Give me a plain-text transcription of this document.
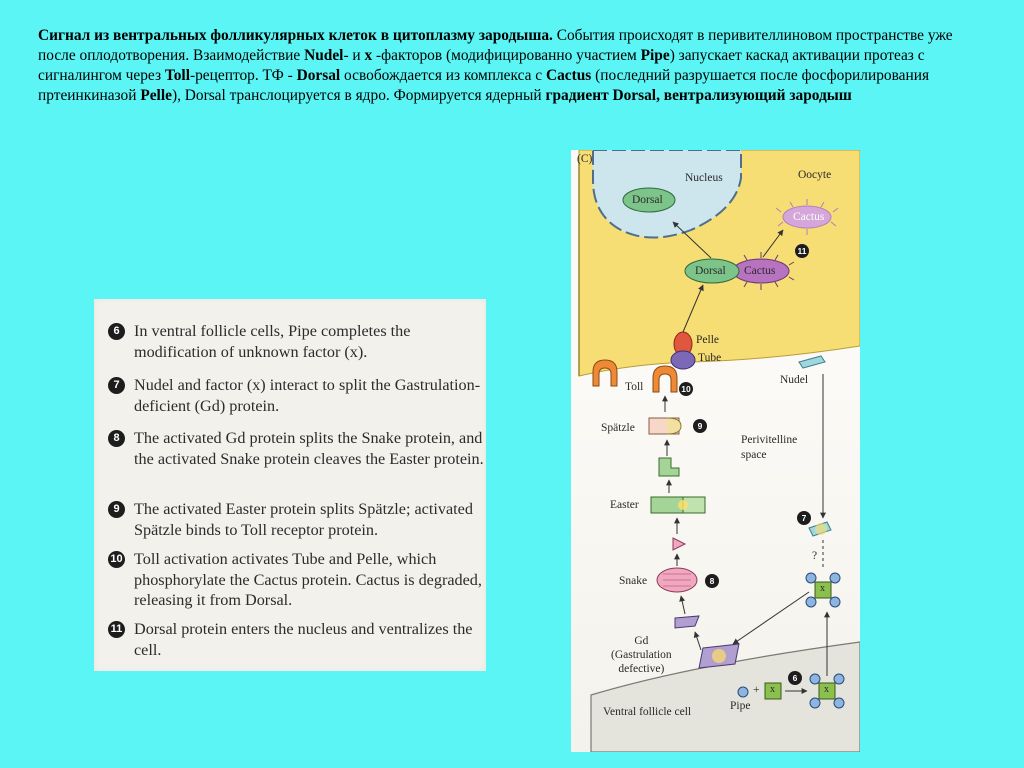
Сигнал из вентральных фолликулярных клеток в цитоплазму зародыша. События происходят в перивителлиновом пространстве уже после оплодотворения. Взаимодействие Nudel- и x -факторов (модифицированно участием Pipe) запускает каскад активации протеаз с сигналингом через Toll-рецептор. ТФ - Dorsal освобождается из комплекса с Cactus (последний разрушается после фосфорилирования пртеинкиназой Pelle), Dorsal транслоцируется в ядро. Формируется ядерный градиент Dorsal, вентрализующий зародыш
6 In ventral follicle cells, Pipe completes the modification of unknown factor (x).
7 Nudel and factor (x) interact to split the Gastrulation-deficient (Gd) protein.
8 The activated Gd protein splits the Snake protein, and the activated Snake protein cleaves the Easter protein.
9 The activated Easter protein splits Spätzle; activated Spätzle binds to Toll receptor protein.
10 Toll activation activates Tube and Pelle, which phosphorylate the Cactus protein. Cactus is degraded, releasing it from Dorsal.
11 Dorsal protein enters the nucleus and ventralizes the cell.
(C)
Nucleus	Oocyte
Dorsal
Cactus
Dorsal Cactus
Pelle
Tube
Toll
Nudel
Spätzle
Perivitelline
space
Easter
Snake
Gd
(Gastrulation
defective)
Pipe
Ventral follicle cell
x
x
x
+
?
11
10
9
8
7
6
